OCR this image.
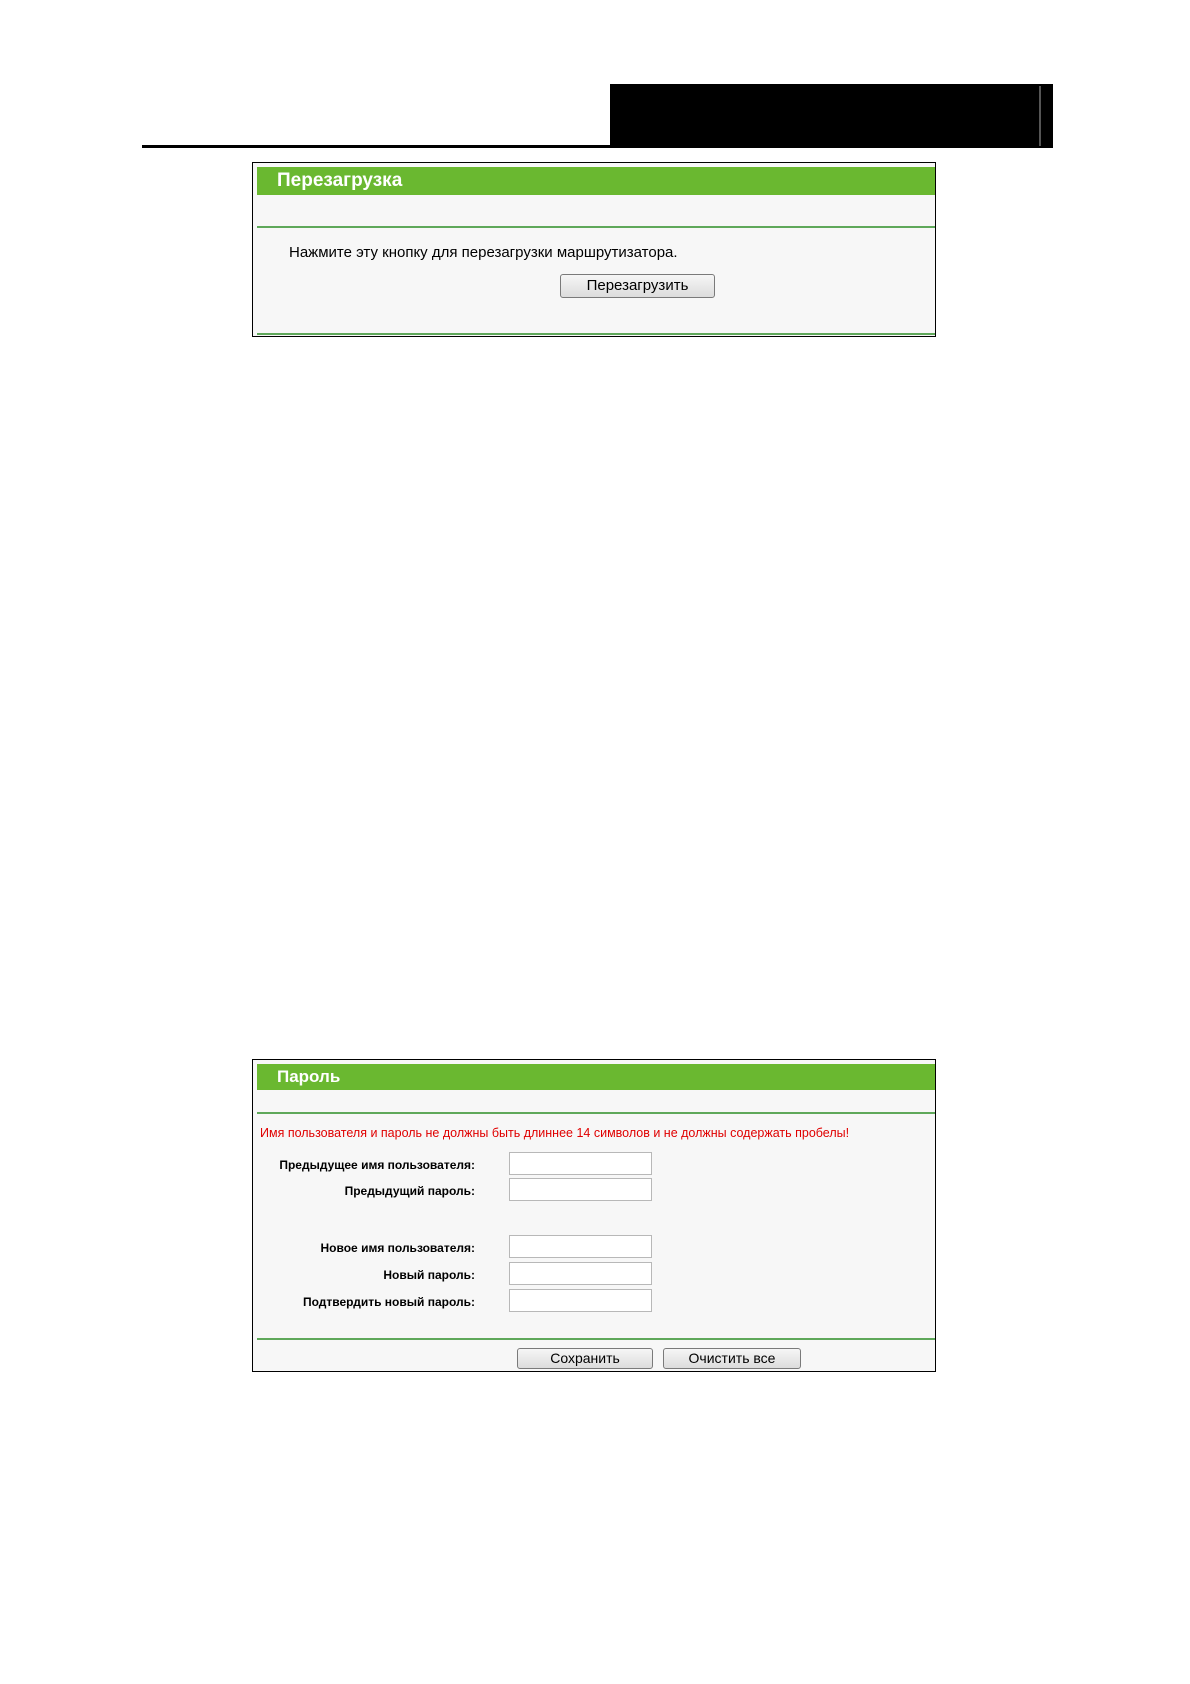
Перезагрузка
Нажмите эту кнопку для перезагрузки маршрутизатора.
Перезагрузить
Пароль
Имя пользователя и пароль не должны быть длиннее 14 символов и не должны содержать пробелы!
Предыдущее имя пользователя:
Предыдущий пароль:
Новое имя пользователя:
Новый пароль:
Подтвердить новый пароль:
Сохранить	Очистить все
